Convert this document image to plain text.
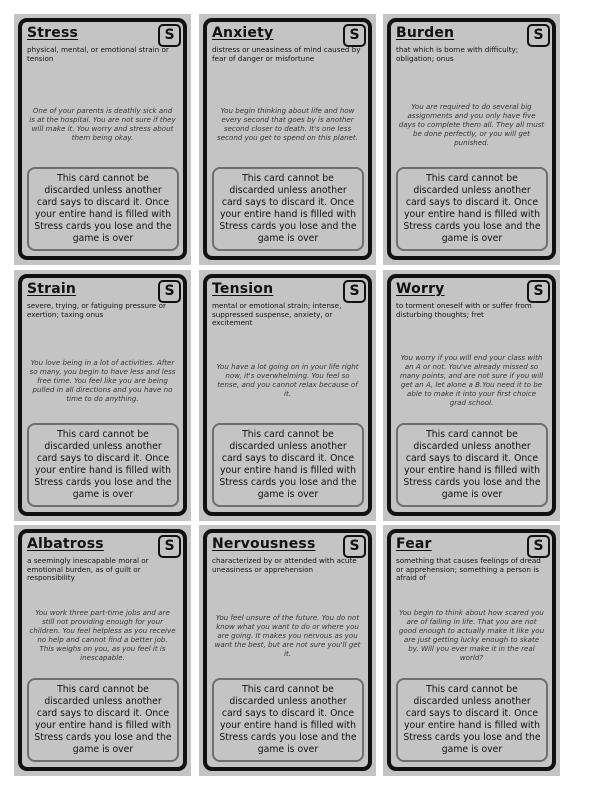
Stress	S
physical, mental, or emotional strain or tension
One of your parents is deathly sick and is at the hospital. You are not sure if they will make it. You worry and stress about them being okay.
This card cannot be discarded unless another card says to discard it. Once your entire hand is filled with Stress cards you lose and the game is over
Anxiety	S
distress or uneasiness of mind caused by fear of danger or misfortune
You begin thinking about life and how every second that goes by is another second closer to death. It's one less second you get to spend on this planet.
This card cannot be discarded unless another card says to discard it. Once your entire hand is filled with Stress cards you lose and the game is over
Burden	S
that which is borne with difficulty; obligation; onus
You are required to do several big assignments and you only have five days to complete them all. They all must be done perfectly, or you will get punished.
This card cannot be discarded unless another card says to discard it. Once your entire hand is filled with Stress cards you lose and the game is over
Strain	S
severe, trying, or fatiguing pressure or exertion; taxing onus
You love being in a lot of activities. After so many, you begin to have less and less free time. You feel like you are being pulled in all directions and you have no time to do anything.
This card cannot be discarded unless another card says to discard it. Once your entire hand is filled with Stress cards you lose and the game is over
Tension	S
mental or emotional strain; intense, suppressed suspense, anxiety, or excitement
You have a lot going on in your life right now, it's overwhelming. You feel so tense, and you cannot relax because of it.
This card cannot be discarded unless another card says to discard it. Once your entire hand is filled with Stress cards you lose and the game is over
Worry	S
to torment oneself with or suffer from disturbing thoughts; fret
You worry if you will end your class with an A or not. You've already missed so many points, and are not sure if you will get an A, let alone a B.You need it to be able to make it into your first choice grad school.
This card cannot be discarded unless another card says to discard it. Once your entire hand is filled with Stress cards you lose and the game is over
Albatross	S
a seemingly inescapable moral or emotional burden, as of guilt or responsibility
You work three part-time jobs and are still not providing enough for your children. You feel helpless as you receive no help and cannot find a better job. This weighs on you, as you feel it is inescapable.
This card cannot be discarded unless another card says to discard it. Once your entire hand is filled with Stress cards you lose and the game is over
Nervousness	S
characterized by or attended with acute uneasiness or apprehension
You feel unsure of the future. You do not know what you want to do or where you are going. It makes you nervous as you want the best, but are not sure you'll get it.
This card cannot be discarded unless another card says to discard it. Once your entire hand is filled with Stress cards you lose and the game is over
Fear	S
something that causes feelings of dread or apprehension; something a person is afraid of
You begin to think about how scared you are of failing in life. That you are not good enough to actually make it like you are just getting lucky enough to skate by. Will you ever make it in the real world?
This card cannot be discarded unless another card says to discard it. Once your entire hand is filled with Stress cards you lose and the game is over
